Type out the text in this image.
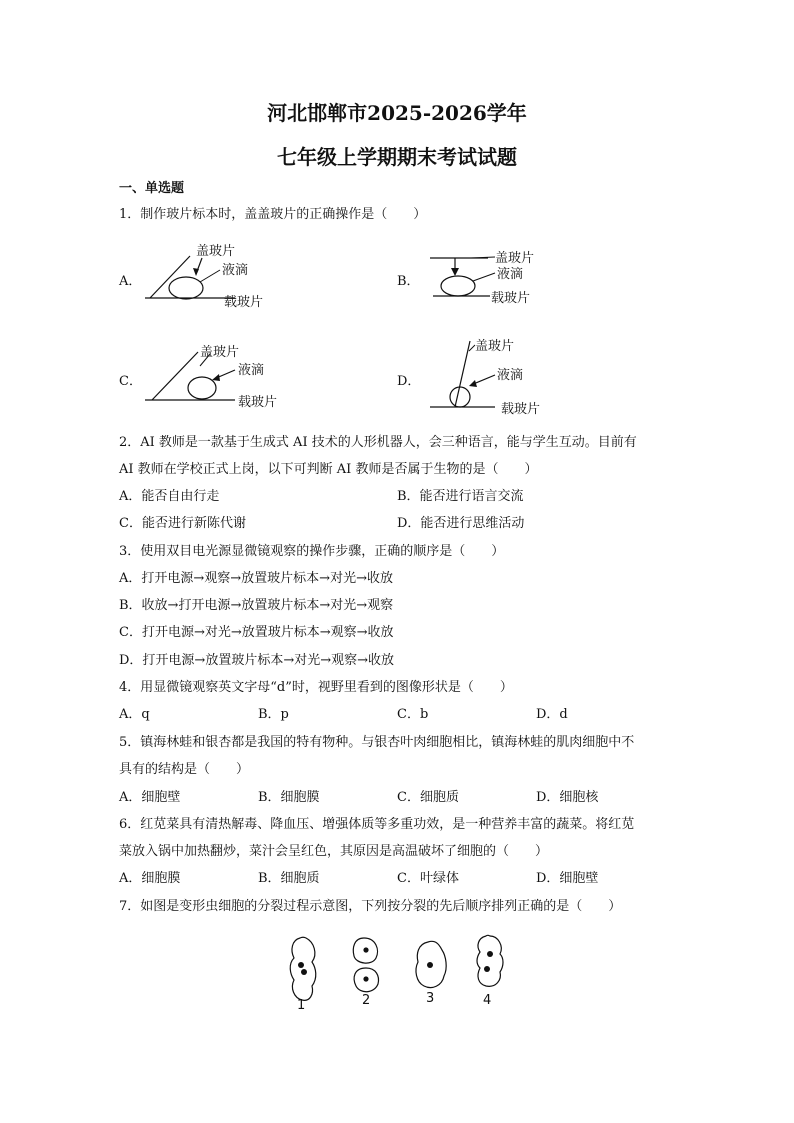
河北邯郸市2025-2026学年
七年级上学期期末考试试题
一、单选题
1．制作玻片标本时，盖盖玻片的正确操作是（　　）
A．
盖玻片
液滴
载玻片
B．
盖玻片
液滴
载玻片
C．
盖玻片
液滴
载玻片
D．
盖玻片
液滴
载玻片
2．AI 教师是一款基于生成式 AI 技术的人形机器人，会三种语言，能与学生互动。目前有
AI 教师在学校正式上岗，以下可判断 AI 教师是否属于生物的是（　　）
A．能否自由行走	B．能否进行语言交流
C．能否进行新陈代谢	D．能否进行思维活动
3．使用双目电光源显微镜观察的操作步骤，正确的顺序是（　　）
A．打开电源→观察→放置玻片标本→对光→收放
B．收放→打开电源→放置玻片标本→对光→观察
C．打开电源→对光→放置玻片标本→观察→收放
D．打开电源→放置玻片标本→对光→观察→收放
4．用显微镜观察英文字母“d”时，视野里看到的图像形状是（　　）
A．q	B．p	C．b	D．d
5．镇海林蛙和银杏都是我国的特有物种。与银杏叶肉细胞相比，镇海林蛙的肌肉细胞中不
具有的结构是（　　）
A．细胞壁	B．细胞膜	C．细胞质	D．细胞核
6．红苋菜具有清热解毒、降血压、增强体质等多重功效，是一种营养丰富的蔬菜。将红苋
菜放入锅中加热翻炒，菜汁会呈红色，其原因是高温破坏了细胞的（　　）
A．细胞膜	B．细胞质	C．叶绿体	D．细胞壁
7．如图是变形虫细胞的分裂过程示意图，下列按分裂的先后顺序排列正确的是（　　）
1	2	3	4
